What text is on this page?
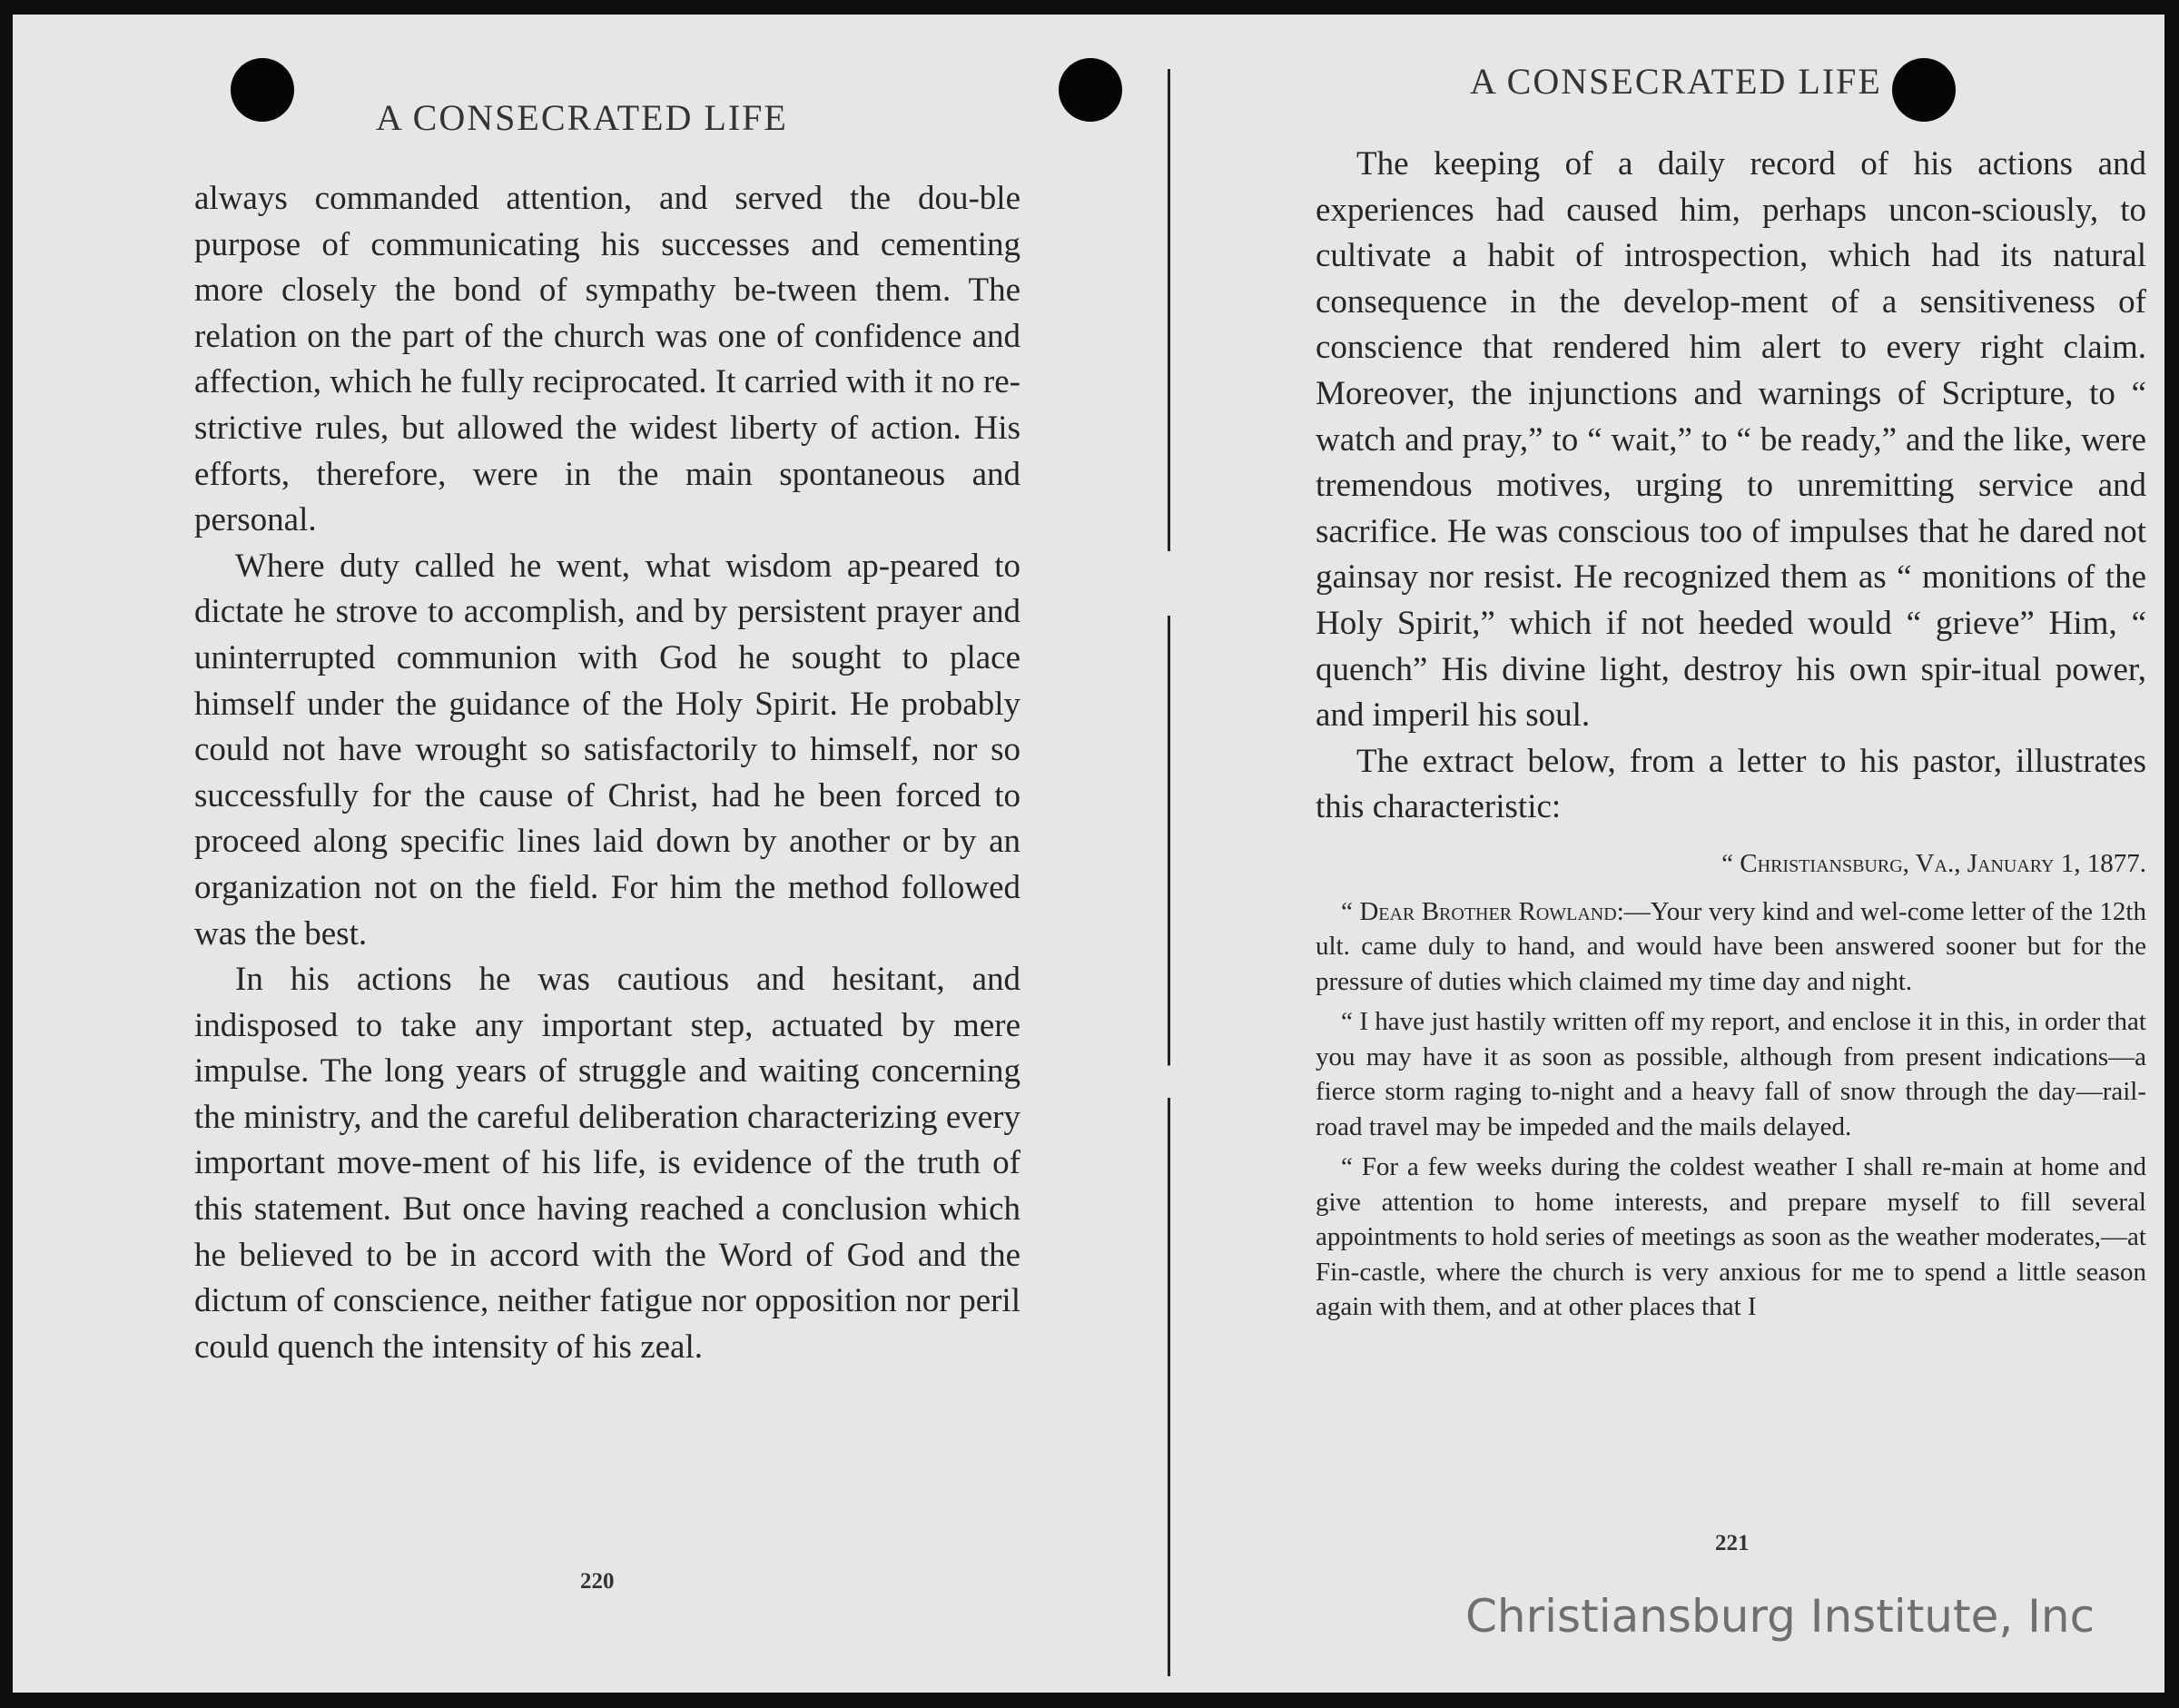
A CONSECRATED LIFE

always commanded attention, and served the dou-ble purpose of communicating his successes and cementing more closely the bond of sympathy be-tween them. The relation on the part of the church was one of confidence and affection, which he fully reciprocated. It carried with it no re-strictive rules, but allowed the widest liberty of action. His efforts, therefore, were in the main spontaneous and personal.

Where duty called he went, what wisdom ap-peared to dictate he strove to accomplish, and by persistent prayer and uninterrupted communion with God he sought to place himself under the guidance of the Holy Spirit. He probably could not have wrought so satisfactorily to himself, nor so successfully for the cause of Christ, had he been forced to proceed along specific lines laid down by another or by an organization not on the field. For him the method followed was the best.

In his actions he was cautious and hesitant, and indisposed to take any important step, actuated by mere impulse. The long years of struggle and waiting concerning the ministry, and the careful deliberation characterizing every important move-ment of his life, is evidence of the truth of this statement. But once having reached a conclusion which he believed to be in accord with the Word of God and the dictum of conscience, neither fatigue nor opposition nor peril could quench the intensity of his zeal.

220
A CONSECRATED LIFE

The keeping of a daily record of his actions and experiences had caused him, perhaps uncon-sciously, to cultivate a habit of introspection, which had its natural consequence in the develop-ment of a sensitiveness of conscience that rendered him alert to every right claim. Moreover, the injunctions and warnings of Scripture, to “ watch and pray,” to “ wait,” to “ be ready,” and the like, were tremendous motives, urging to unremitting service and sacrifice. He was conscious too of impulses that he dared not gainsay nor resist. He recognized them as “ monitions of the Holy Spirit,” which if not heeded would “ grieve” Him, “ quench” His divine light, destroy his own spir-itual power, and imperil his soul.

The extract below, from a letter to his pastor, illustrates this characteristic:

“ Christiansburg, Va., January 1, 1877.

“ Dear Brother Rowland:—Your very kind and wel-come letter of the 12th ult. came duly to hand, and would have been answered sooner but for the pressure of duties which claimed my time day and night.

“ I have just hastily written off my report, and enclose it in this, in order that you may have it as soon as possible, although from present indications—a fierce storm raging to-night and a heavy fall of snow through the day—rail-road travel may be impeded and the mails delayed.

“ For a few weeks during the coldest weather I shall re-main at home and give attention to home interests, and prepare myself to fill several appointments to hold series of meetings as soon as the weather moderates,—at Fin-castle, where the church is very anxious for me to spend a little season again with them, and at other places that I

221
Christiansburg Institute, Inc
